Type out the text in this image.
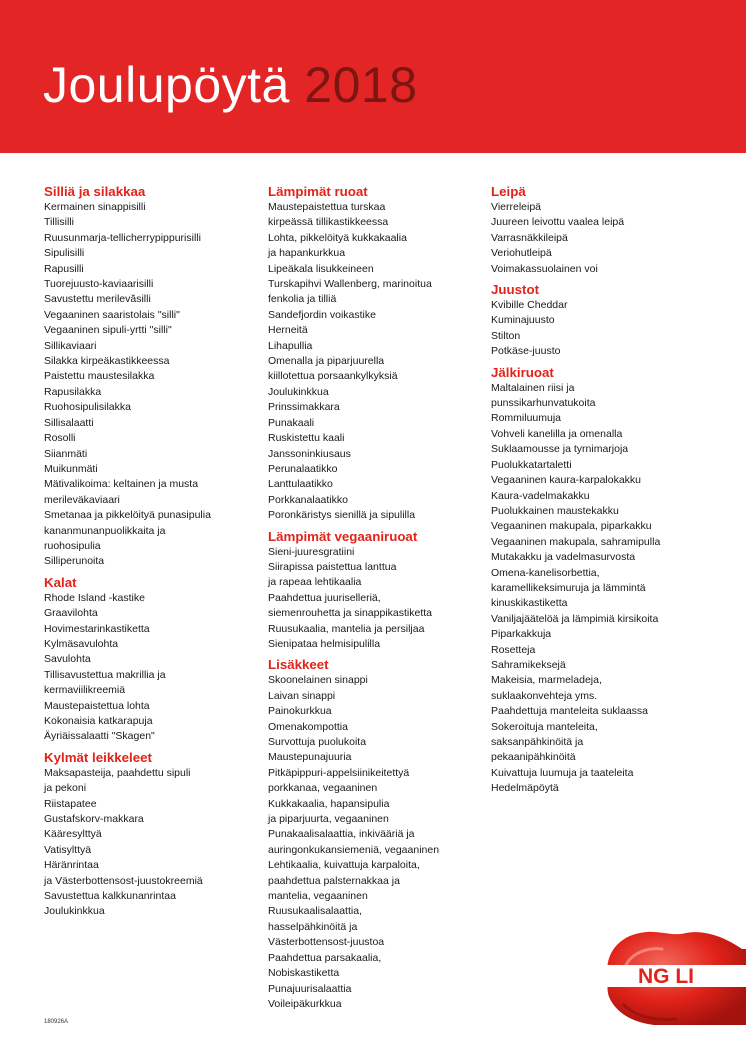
Joulupöytä 2018
Silliä ja silakkaa
Kermainen sinappisilli
Tillisilli
Ruusunmarja-tellicherrypippurisilli
Sipulisilli
Rapusilli
Tuorejuusto-kaviaarisilli
Savustettu merilevăsilli
Vegaaninen saaristolais "silli"
Vegaaninen sipuli-yrtti "silli"
Sillikaviaari
Silakka kirpeäkastikkeessa
Paistettu maustesilakka
Rapusilakka
Ruohosipulisilakka
Sillisalaatti
Rosolli
Siianmäti
Muikunmäti
Mätivalikoima: keltainen ja musta
merileväkaviaari
Smetanaa ja pikkelöityä punasipulia
kananmunanpuolikkaita ja
ruohosipulia
Silliperunoita
Kalat
Rhode Island -kastike
Graavilohta
Hovimestarinkastiketta
Kylmäsavulohta
Savulohta
Tillisavustettua makrillia ja
kermaviilikreemiä
Maustepaistettua lohta
Kokonaisia katkarapuja
Äyriäissalaatti "Skagen"
Kylmät leikkeleet
Maksapasteija, paahdettu sipuli
ja pekoni
Riistapatee
Gustafskorv-makkara
Kääresylttyä
Vatisylttyä
Häränrintaa
ja Västerbottensost-juustokreemiä
Savustettua kalkkunanrintaa
Joulukinkkua
Lämpimät ruoat
Maustepaistettua turskaa
kirpeässä tillikastikkeessa
Lohta, pikkelöityä kukkakaalia
ja hapankurkkua
Lipeäkala lisukkeineen
Turskapihvi Wallenberg, marinoitua
fenkolia ja tilliä
Sandefjordin voikastike
Herneitä
Lihapullia
Omenalla ja piparjuurella
kiillotettua porsaankylkyksiä
Joulukinkkua
Prinssimakkara
Punakaali
Ruskistettu kaali
Janssoninkiusaus
Perunalaatikko
Lanttulaatikko
Porkkanalaatikko
Poronkäristys sienillä ja sipulilla
Lämpimät vegaaniruoat
Sieni-juuresgratiini
Siirapissa paistettua lanttua
ja rapeaa lehtikaalia
Paahdettua juuriselleriä,
siemenrouhetta ja sinappikastiketta
Ruusukaalia, mantelia ja persiljaa
Sienipataa helmisipulilla
Lisäkkeet
Skoonelainen sinappi
Laivan sinappi
Painokurkkua
Omenakompottia
Survottuja puolukoita
Maustepunajuuria
Pitkäpippuri-appelsiinikeitettyä
porkkanaa, vegaaninen
Kukkakaalia, hapansipulia
ja piparjuurta, vegaaninen
Punakaalisalaattia, inkivääriä ja
auringonkukansiemeniä, vegaaninen
Lehtikaalia, kuivattuja karpaloita,
paahdettua palsternakkaa ja
mantelia, vegaaninen
Ruusukaalisalaattia,
hasselpähkinöitä ja
Västerbottensost-juustoa
Paahdettua parsakaalia,
Nobiskastiketta
Punajuurisalaattia
Voileipäkurkkua
Leipä
Vierreleipä
Juureen leivottu vaalea leipä
Varrasnäkkileipä
Veriohutleipä
Voimakassuolainen voi
Juustot
Kvibille Cheddar
Kuminajuusto
Stilton
Potkäse-juusto
Jälkiruoat
Maltalainen riisi ja
punssikarhunvatukoita
Rommiluumuja
Vohveli kanelilla ja omenalla
Suklaamousse ja tyrnimarjoja
Puolukkatartaletti
Vegaaninen kaura-karpalokakku
Kaura-vadelmakakku
Puolukkainen maustekakku
Vegaaninen makupala, piparkakku
Vegaaninen makupala, sahramipulla
Mutakakku ja vadelmasurvosta
Omena-kanelisorbettia,
karamellikeksimuruja ja lämmintä
kinuskikastiketta
Vaniljajäätelöä ja lämpimiä kirsikoita
Piparkakkuja
Rosetteja
Sahramikeksejä
Makeisia, marmeladeja,
suklaakonvehteja yms.
Paahdettuja manteleita suklaassa
Sokeroituja manteleita,
saksanpähkinöitä ja
pekaanipähkinöitä
Kuivattuja luumuja ja taateleita
Hedelmäpöytä
NG LI
180926A
